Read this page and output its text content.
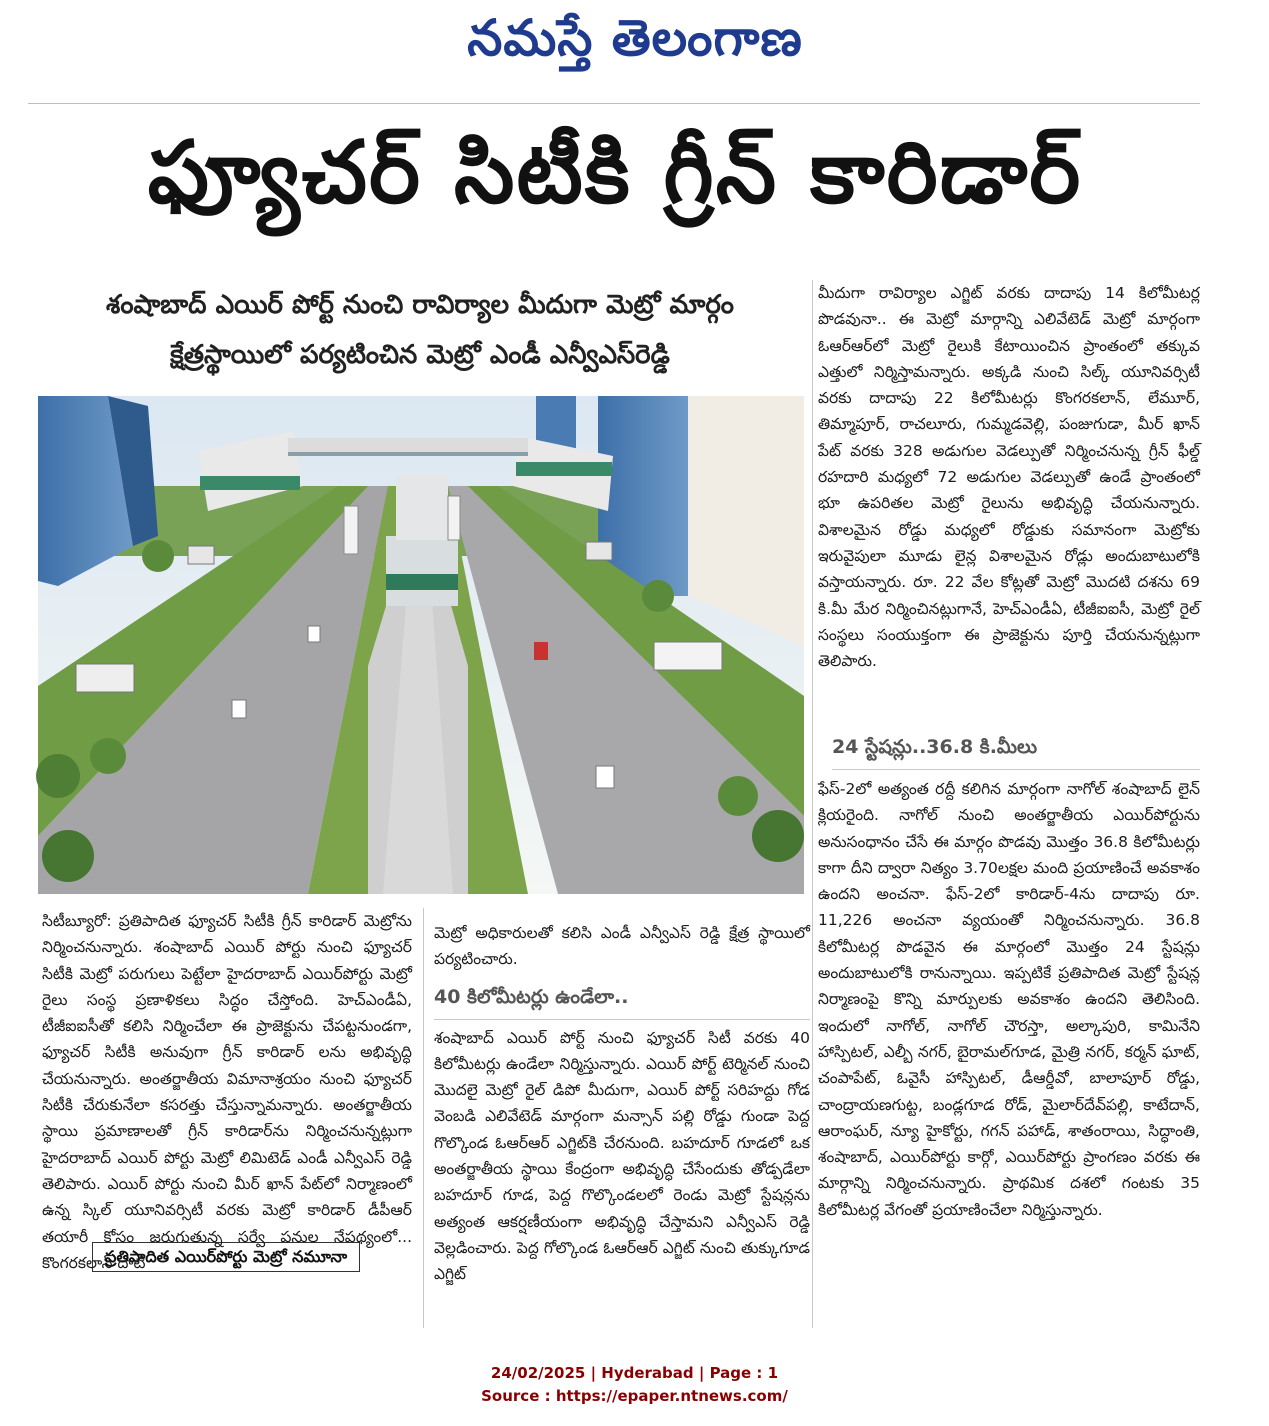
నమస్తే తెలంగాణ
ఫ్యూచర్ సిటీకి గ్రీన్ కారిడార్
శంషాబాద్ ఎయిర్ పోర్ట్ నుంచి రావిర్యాల మీదుగా మెట్రో మార్గం
క్షేత్రస్థాయిలో పర్యటించిన మెట్రో ఎండీ ఎన్వీఎస్‌రెడ్డి
ప్రతిపాదిత ఎయిర్‌పోర్టు మెట్రో నమూనా

సిటీబ్యూరో: ప్రతిపాదిత ఫ్యూచర్ సిటీకి గ్రీన్ కారిడార్ మెట్రోను నిర్మించనున్నారు. శంషాబాద్ ఎయిర్ పోర్టు నుంచి ఫ్యూచర్ సిటీకి మెట్రో పరుగులు పెట్టేలా హైదరాబాద్ ఎయిర్‌పోర్టు మెట్రో రైలు సంస్థ ప్రణాళికలు సిద్ధం చేస్తోంది. హెచ్ఎండీఏ, టీజీఐఐసీతో కలిసి నిర్మించేలా ఈ ప్రాజెక్టును చేపట్టనుండగా, ఫ్యూచర్ సిటీకి అనువుగా గ్రీన్ కారిడార్ లను అభివృద్ధి చేయనున్నారు. అంతర్జాతీయ విమానాశ్రయం నుంచి ఫ్యూచర్ సిటీకి చేరుకునేలా కసరత్తు చేస్తున్నామన్నారు. అంతర్జాతీయ స్థాయి ప్రమాణాలతో గ్రీన్ కారిడార్‌ను నిర్మించనున్నట్లుగా హైదరాబాద్ ఎయిర్ పోర్టు మెట్రో లిమిటెడ్ ఎండీ ఎన్వీఎస్ రెడ్డి తెలిపారు. ఎయిర్ పోర్టు నుంచి మీర్ ఖాన్ పేట్‌లో నిర్మాణంలో ఉన్న స్కిల్ యూనివర్సిటీ వరకు మెట్రో కారిడార్ డీపీఆర్ తయారీ కోసం జరుగుతున్న సర్వే పనుల నేపథ్యంలో... కొంగరకలాన్ దాటి

మెట్రో అధికారులతో కలిసి ఎండీ ఎన్వీఎస్ రెడ్డి క్షేత్ర స్థాయిలో పర్యటించారు.

శంషాబాద్ ఎయిర్ పోర్ట్ నుంచి ఫ్యూచర్ సిటీ వరకు 40 కిలోమీటర్లు ఉండేలా నిర్మిస్తున్నారు. ఎయిర్ పోర్ట్ టెర్మినల్ నుంచి మొదలై మెట్రో రైల్ డిపో మీదుగా, ఎయిర్ పోర్ట్ సరిహద్దు గోడ వెంబడి ఎలివేటెడ్ మార్గంగా మన్సాన్ పల్లి రోడ్డు గుండా పెద్ద గొల్కొండ ఓఆర్ఆర్ ఎగ్జిట్‌కి చేరనుంది. బహదూర్ గూడలో ఒక అంతర్జాతీయ స్థాయి కేంద్రంగా అభివృద్ధి చేసేందుకు తోడ్పడేలా బహదూర్ గూడ, పెద్ద గొల్కొండలలో రెండు మెట్రో స్టేషన్లను అత్యంత ఆకర్షణీయంగా అభివృద్ధి చేస్తామని ఎన్వీఎస్ రెడ్డి వెల్లడించారు. పెద్ద గోల్కొండ ఓఆర్ఆర్ ఎగ్జిట్ నుంచి తుక్కుగూడ ఎగ్జిట్

40 కిలోమీటర్లు ఉండేలా..

మీదుగా రావిర్యాల ఎగ్జిట్ వరకు దాదాపు 14 కిలోమీటర్ల పొడవునా.. ఈ మెట్రో మార్గాన్ని ఎలివేటెడ్ మెట్రో మార్గంగా ఓఆర్ఆర్‌లో మెట్రో రైలుకి కేటాయించిన ప్రాంతంలో తక్కువ ఎత్తులో నిర్మిస్తామన్నారు. అక్కడి నుంచి సిల్క్ యూనివర్సిటీ వరకు దాదాపు 22 కిలోమీటర్లు కొంగరకలాన్, లేమూర్, తిమ్మాపూర్, రాచలూరు, గుమ్మడవెల్లి, పంజుగుడా, మీర్ ఖాన్ పేట్ వరకు 328 అడుగుల వెడల్పుతో నిర్మించనున్న గ్రీన్ ఫీల్డ్ రహదారి మధ్యలో 72 అడుగుల వెడల్పుతో ఉండే ప్రాంతంలో భూ ఉపరితల మెట్రో రైలును అభివృద్ధి చేయనున్నారు. విశాలమైన రోడ్డు మధ్యలో రోడ్డుకు సమానంగా మెట్రోకు ఇరువైపులా మూడు లైన్ల విశాలమైన రోడ్లు అందుబాటులోకి వస్తాయన్నారు. రూ. 22 వేల కోట్లతో మెట్రో మొదటి దశను 69 కి.మీ మేర నిర్మించినట్లుగానే, హెచ్ఎండీఏ, టీజీఐఐసీ, మెట్రో రైల్ సంస్థలు సంయుక్తంగా ఈ ప్రాజెక్టును పూర్తి చేయనున్నట్లుగా తెలిపారు.

24 స్టేషన్లు..36.8 కి.మీలు

ఫేస్-2లో అత్యంత రద్దీ కలిగిన మార్గంగా నాగోల్ శంషాబాద్ లైన్ క్లియరైంది. నాగోల్ నుంచి అంతర్జాతీయ ఎయిర్‌పోర్టును అనుసంధానం చేసే ఈ మార్గం పొడవు మొత్తం 36.8 కిలోమీటర్లు కాగా దీని ద్వారా నిత్యం 3.70లక్షల మంది ప్రయాణించే అవకాశం ఉందని అంచనా. ఫేస్-2లో కారిడార్-4ను దాదాపు రూ. 11,226 అంచనా వ్యయంతో నిర్మించనున్నారు. 36.8 కిలోమీటర్ల పొడవైన ఈ మార్గంలో మొత్తం 24 స్టేషన్లు అందుబాటులోకి రానున్నాయి. ఇప్పటికే ప్రతిపాదిత మెట్రో స్టేషన్ల నిర్మాణంపై కొన్ని మార్పులకు అవకాశం ఉందని తెలిసింది. ఇందులో నాగోల్, నాగోల్ చౌరస్తా, అల్కాపురి, కామినేని హాస్పిటల్, ఎల్బీ నగర్, బైరామల్‌గూడ, మైత్రి నగర్, కర్మన్ ఘాట్, చంపాపేట్, ఓవైసీ హాస్పిటల్, డీఆర్డీవో, బాలాపూర్ రోడ్డు, చాంద్రాయణగుట్ట, బండ్లగూడ రోడ్, మైలార్‌దేవ్‌పల్లి, కాటేదాన్, ఆరాంఘర్, న్యూ హైకోర్టు, గగన్ పహాడ్, శాతంరాయి, సిద్ధాంతి, శంషాబాద్, ఎయిర్‌పోర్టు కార్గో, ఎయిర్‌పోర్టు ప్రాంగణం వరకు ఈ మార్గాన్ని నిర్మించనున్నారు. ప్రాథమిక దశలో గంటకు 35 కిలోమీటర్ల వేగంతో ప్రయాణించేలా నిర్మిస్తున్నారు.

24/02/2025 | Hyderabad | Page : 1
Source : https://epaper.ntnews.com/
